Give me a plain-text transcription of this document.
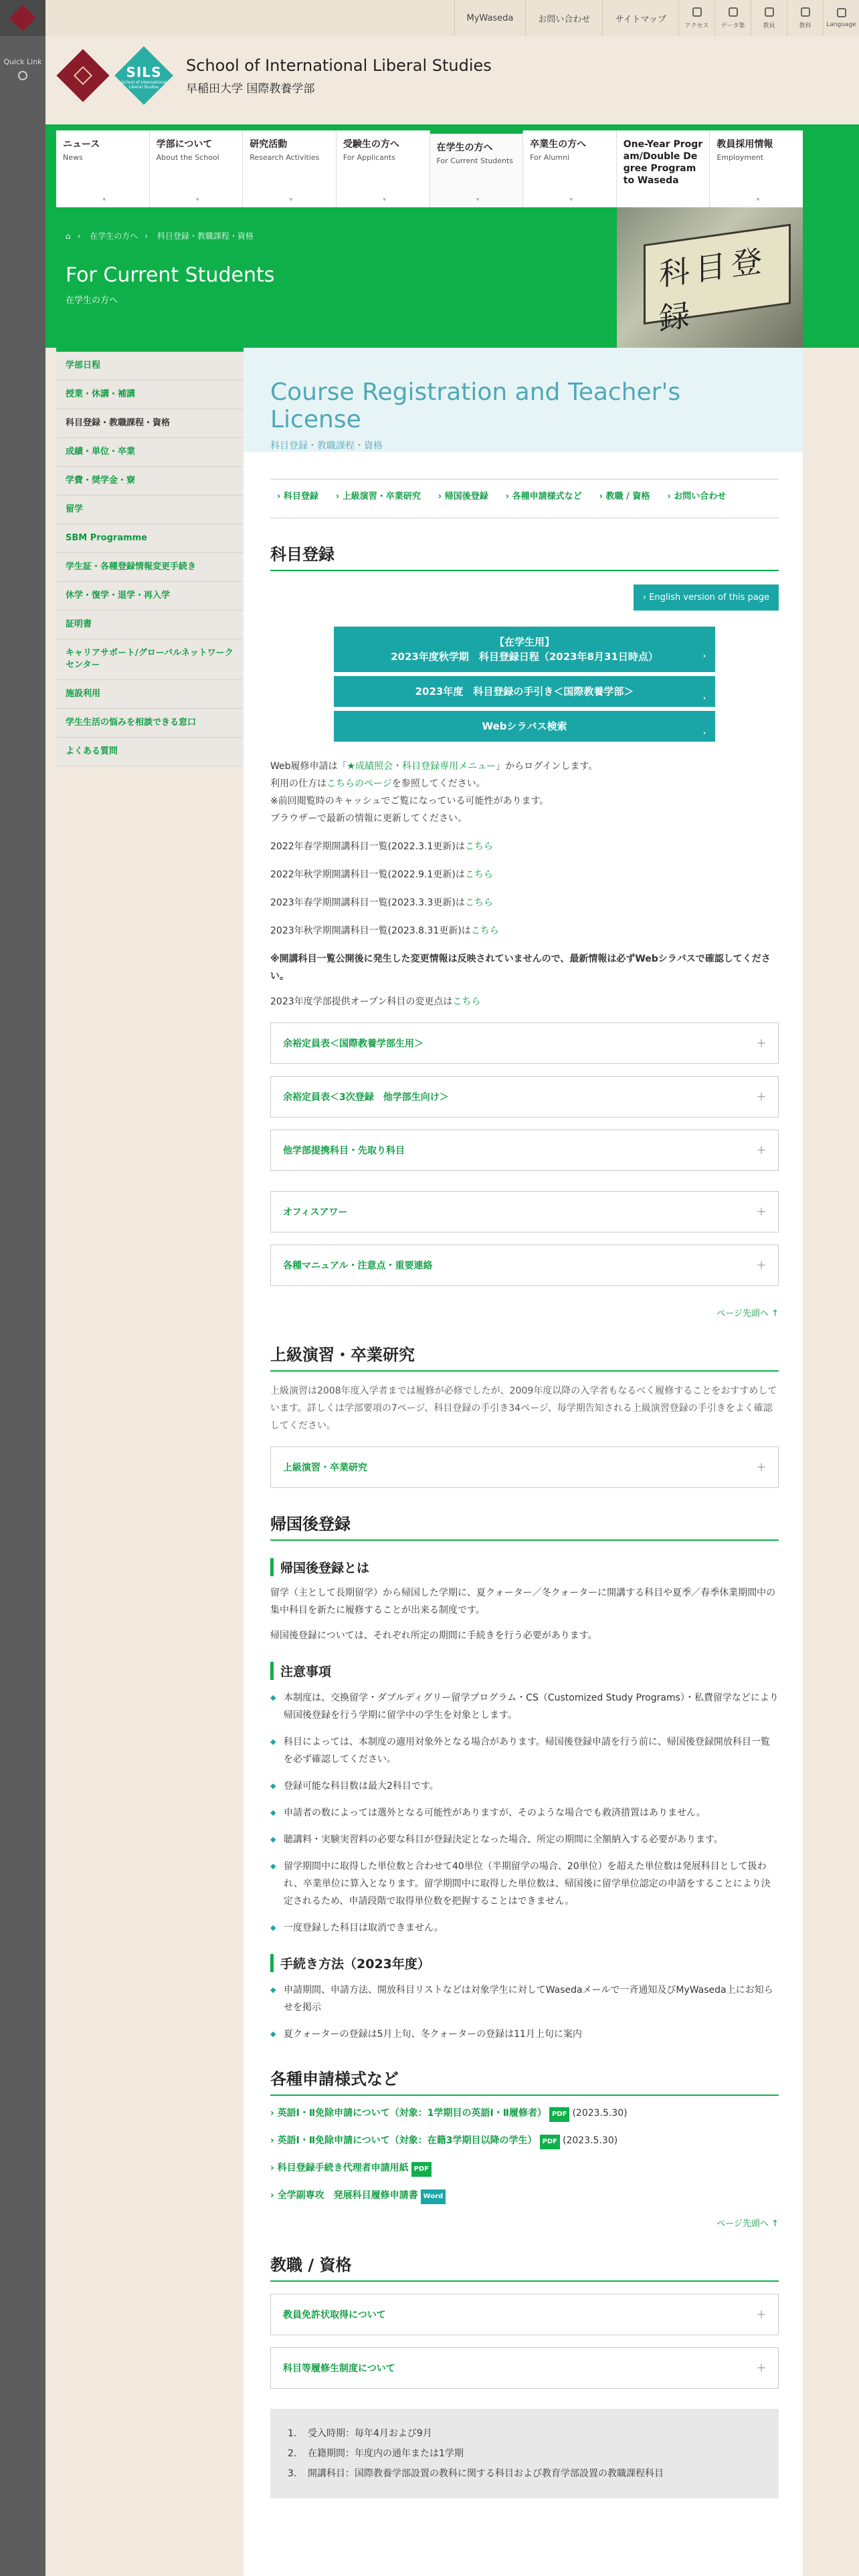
Quick Link
MyWaseda	お問い合わせ	サイトマップ
アクセス データ集	教員	教科	Language
SILS
School of International Liberal Studies
School of International Liberal Studies
早稲田大学 国際教養学部
ニュース
News
▾
学部について
About the School
▾
研究活動
Research Activities
▾
受験生の方へ
For Applicants
▾
在学生の方へ
For Current Students
▾
卒業生の方へ
For Alumni
▾
One-Year Program/Double Degree Program to Waseda
教員採用情報
Employment
▾
⌂ › 在学生の方へ › 科目登録・教職課程・資格
For Current Students
在学生の方へ
科目登録
学部日程
授業・休講・補講
科目登録・教職課程・資格
成績・単位・卒業
学費・奨学金・寮
留学
SBM Programme
学生証・各種登録情報変更手続き
休学・復学・退学・再入学
証明書
キャリアサポート/グローバルネットワークセンター
施設利用
学生生活の悩みを相談できる窓口
よくある質問
Course Registration and Teacher's License
科目登録・教職課程・資格
› 科目登録 › 上級演習・卒業研究 › 帰国後登録 › 各種申請様式など › 教職 / 資格 › お問い合わせ
科目登録
› English version of this page
【在学生用】
2023年度秋学期　科目登録日程（2023年8月31日時点）	›
2023年度　科目登録の手引き＜国際教養学部＞
›
Webシラバス検索
›

Web履修申請は「★成績照会・科目登録専用メニュー」からログインします。

利用の仕方はこちらのページを参照してください。

※前回閲覧時のキャッシュでご覧になっている可能性があります。

ブラウザーで最新の情報に更新してください。

2022年春学期開講科目一覧(2022.3.1更新)はこちら

2022年秋学期開講科目一覧(2022.9.1更新)はこちら

2023年春学期開講科目一覧(2023.3.3更新)はこちら

2023年秋学期開講科目一覧(2023.8.31更新)はこちら

※開講科目一覧公開後に発生した変更情報は反映されていませんので、最新情報は必ずWebシラバスで確認してください。

2023年度学部提供オープン科目の変更点はこちら

余裕定員表＜国際教養学部生用＞	＋
余裕定員表＜3次登録　他学部生向け＞	＋
他学部提携科目・先取り科目	＋
オフィスアワー	＋
各種マニュアル・注意点・重要連絡	＋
ページ先頭へ ↑
上級演習・卒業研究

上級演習は2008年度入学者までは履修が必修でしたが、2009年度以降の入学者もなるべく履修することをおすすめしています。詳しくは学部要項の7ページ、科目登録の手引き34ページ、毎学期告知される上級演習登録の手引きをよく確認してください。

上級演習・卒業研究	＋
帰国後登録
帰国後登録とは

留学（主として長期留学）から帰国した学期に、夏クォーター／冬クォーターに開講する科目や夏季／春季休業期間中の集中科目を新たに履修することが出来る制度です。

帰国後登録については、それぞれ所定の期間に手続きを行う必要があります。

注意事項
◆ 本制度は、交換留学・ダブルディグリー留学プログラム・CS（Customized Study Programs）・私費留学などにより帰国後登録を行う学期に留学中の学生を対象とします。
◆ 科目によっては、本制度の適用対象外となる場合があります。帰国後登録申請を行う前に、帰国後登録開放科目一覧を必ず確認してください。
◆ 登録可能な科目数は最大2科目です。
◆ 申請者の数によっては選外となる可能性がありますが、そのような場合でも救済措置はありません。
◆ 聴講料・実験実習料の必要な科目が登録決定となった場合、所定の期間に全額納入する必要があります。
◆ 留学期間中に取得した単位数と合わせて40単位（半期留学の場合、20単位）を超えた単位数は発展科目として扱われ、卒業単位に算入となります。留学期間中に取得した単位数は、帰国後に留学単位認定の申請をすることにより決定されるため、申請段階で取得単位数を把握することはできません。
◆ 一度登録した科目は取消できません。
手続き方法（2023年度）
◆ 申請期間、申請方法、開放科目リストなどは対象学生に対してWasedaメールで一斉通知及びMyWaseda上にお知らせを掲示
◆ 夏クォーターの登録は5月上旬、冬クォーターの登録は11月上旬に案内
各種申請様式など
› 英語Ⅰ・Ⅱ免除申請について（対象：1学期目の英語Ⅰ・Ⅱ履修者） PDF (2023.5.30)
› 英語Ⅰ・Ⅱ免除申請について（対象：在籍3学期目以降の学生） PDF (2023.5.30)
› 科目登録手続き代理者申請用紙 PDF
› 全学副専攻　発展科目履修申請書 Word
ページ先頭へ ↑
教職 / 資格
教員免許状取得について	＋
科目等履修生制度について	＋
1. 受入時期：毎年4月および9月
2. 在籍期間：年度内の通年または1学期
3. 開講科目：国際教養学部設置の教科に関する科目および教育学部設置の教職課程科目
